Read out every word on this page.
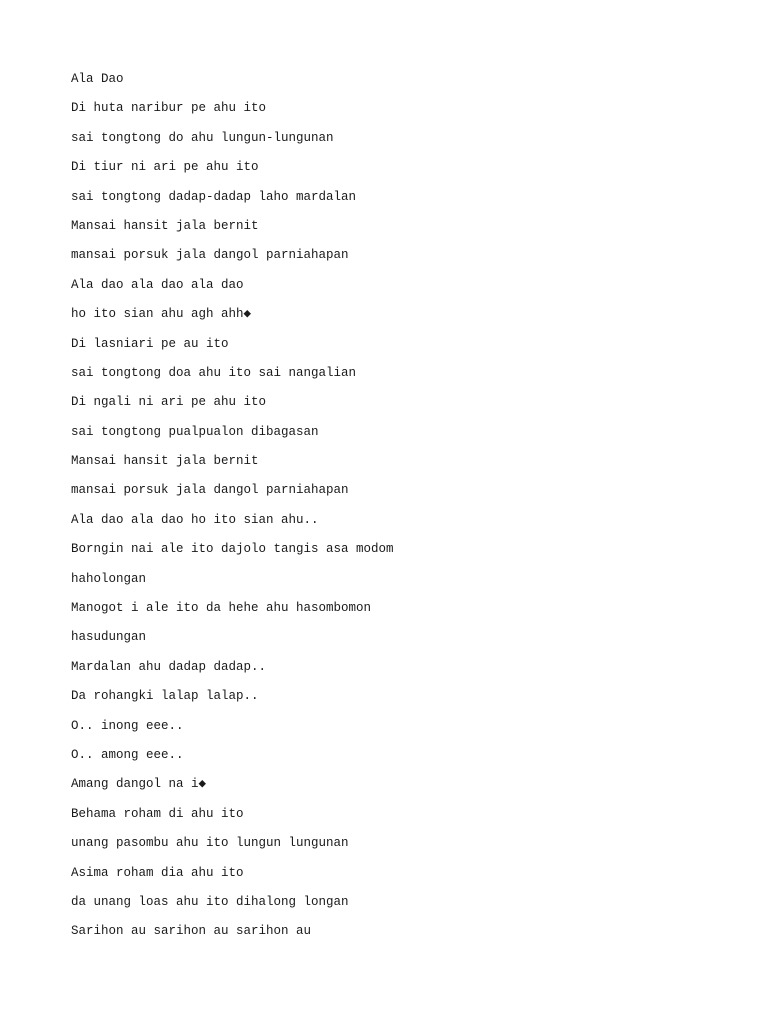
Ala Dao
Di huta naribur pe ahu ito
sai tongtong do ahu lungun-lungunan
Di tiur ni ari pe ahu ito
sai tongtong dadap-dadap laho mardalan
Mansai hansit jala bernit
mansai porsuk jala dangol parniahapan
Ala dao ala dao ala dao
ho ito sian ahu agh ahh◆
Di lasniari pe au ito
sai tongtong doa ahu ito sai nangalian
Di ngali ni ari pe ahu ito
sai tongtong pualpualon dibagasan
Mansai hansit jala bernit
mansai porsuk jala dangol parniahapan
Ala dao ala dao ho ito sian ahu..
Borngin nai ale ito dajolo tangis asa modom
haholongan
Manogot i ale ito da hehe ahu hasombomon
hasudungan
Mardalan ahu dadap dadap..
Da rohangki lalap lalap..
O.. inong eee..
O.. among eee..
Amang dangol na i◆
Behama roham di ahu ito
unang pasombu ahu ito lungun lungunan
Asima roham dia ahu ito
da unang loas ahu ito dihalong longan
Sarihon au sarihon au sarihon au
